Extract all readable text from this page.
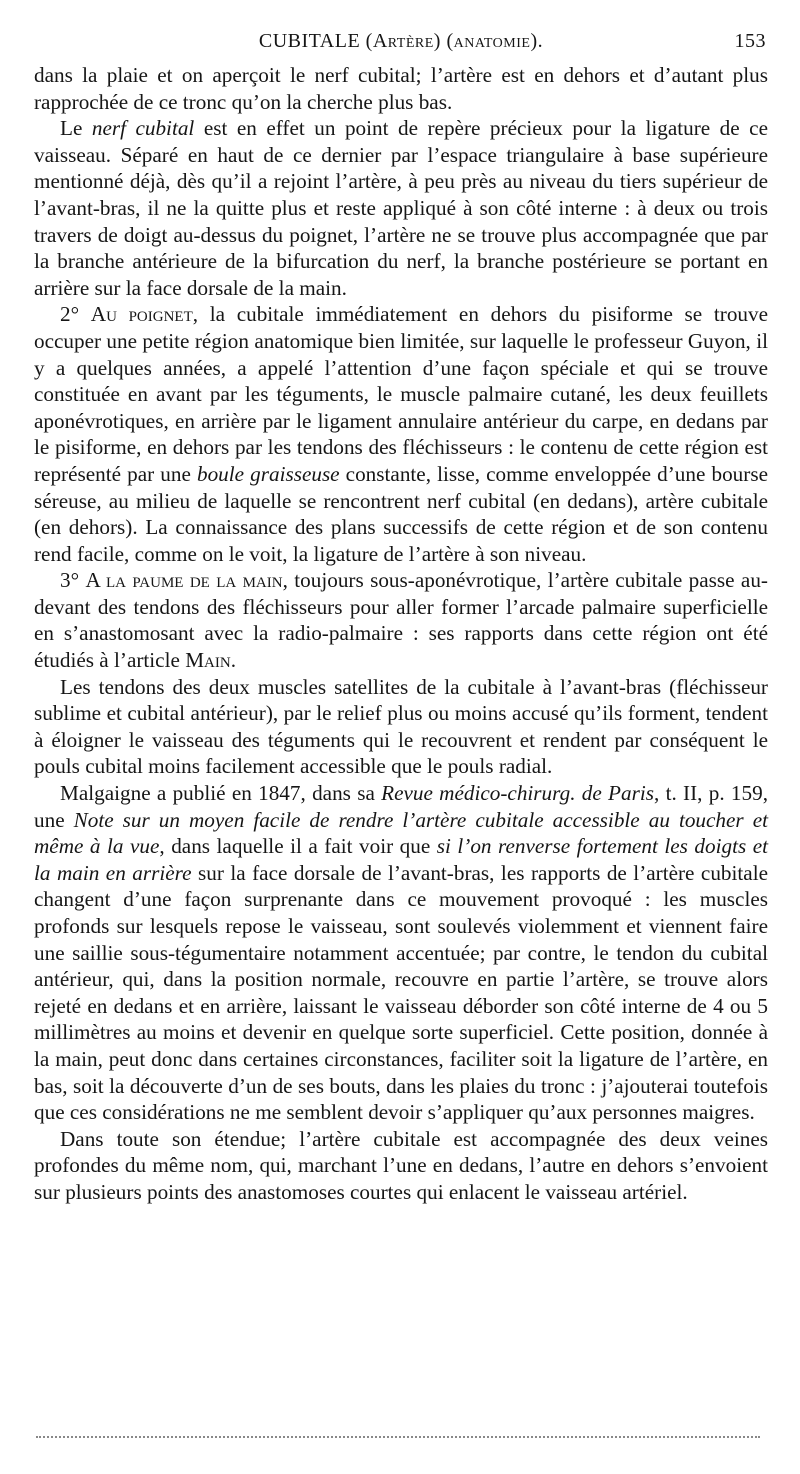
CUBITALE (Artère) (anatomie).	153

dans la plaie et on aperçoit le nerf cubital; l’artère est en dehors et d’autant plus rapprochée de ce tronc qu’on la cherche plus bas.

Le nerf cubital est en effet un point de repère précieux pour la ligature de ce vaisseau. Séparé en haut de ce dernier par l’espace triangulaire à base supérieure mentionné déjà, dès qu’il a rejoint l’artère, à peu près au niveau du tiers supérieur de l’avant-bras, il ne la quitte plus et reste appliqué à son côté interne : à deux ou trois travers de doigt au-dessus du poignet, l’artère ne se trouve plus accompagnée que par la branche antérieure de la bifurcation du nerf, la branche postérieure se portant en arrière sur la face dorsale de la main.

2° Au poignet, la cubitale immédiatement en dehors du pisiforme se trouve occuper une petite région anatomique bien limitée, sur laquelle le professeur Guyon, il y a quelques années, a appelé l’attention d’une façon spéciale et qui se trouve constituée en avant par les téguments, le muscle palmaire cutané, les deux feuillets aponévrotiques, en arrière par le ligament annulaire antérieur du carpe, en dedans par le pisiforme, en dehors par les tendons des fléchisseurs : le contenu de cette région est représenté par une boule graisseuse constante, lisse, comme enveloppée d’une bourse séreuse, au milieu de laquelle se rencontrent nerf cubital (en dedans), artère cubitale (en dehors). La connaissance des plans successifs de cette région et de son contenu rend facile, comme on le voit, la ligature de l’artère à son niveau.

3° A la paume de la main, toujours sous-aponévrotique, l’artère cubitale passe au-devant des tendons des fléchisseurs pour aller former l’arcade palmaire superficielle en s’anastomosant avec la radio-palmaire : ses rapports dans cette région ont été étudiés à l’article Main.

Les tendons des deux muscles satellites de la cubitale à l’avant-bras (fléchisseur sublime et cubital antérieur), par le relief plus ou moins accusé qu’ils forment, tendent à éloigner le vaisseau des téguments qui le recouvrent et rendent par conséquent le pouls cubital moins facilement accessible que le pouls radial.

Malgaigne a publié en 1847, dans sa Revue médico-chirurg. de Paris, t. II, p. 159, une Note sur un moyen facile de rendre l’artère cubitale accessible au toucher et même à la vue, dans laquelle il a fait voir que si l’on renverse fortement les doigts et la main en arrière sur la face dorsale de l’avant-bras, les rapports de l’artère cubitale changent d’une façon surprenante dans ce mouvement provoqué : les muscles profonds sur lesquels repose le vaisseau, sont soulevés violemment et viennent faire une saillie sous-tégumentaire notamment accentuée; par contre, le tendon du cubital antérieur, qui, dans la position normale, recouvre en partie l’artère, se trouve alors rejeté en dedans et en arrière, laissant le vaisseau déborder son côté interne de 4 ou 5 millimètres au moins et devenir en quelque sorte superficiel. Cette position, donnée à la main, peut donc dans certaines circonstances, faciliter soit la ligature de l’artère, en bas, soit la découverte d’un de ses bouts, dans les plaies du tronc : j’ajouterai toutefois que ces considérations ne me semblent devoir s’appliquer qu’aux personnes maigres.

Dans toute son étendue; l’artère cubitale est accompagnée des deux veines profondes du même nom, qui, marchant l’une en dedans, l’autre en dehors s’envoient sur plusieurs points des anastomoses courtes qui enlacent le vaisseau artériel.
